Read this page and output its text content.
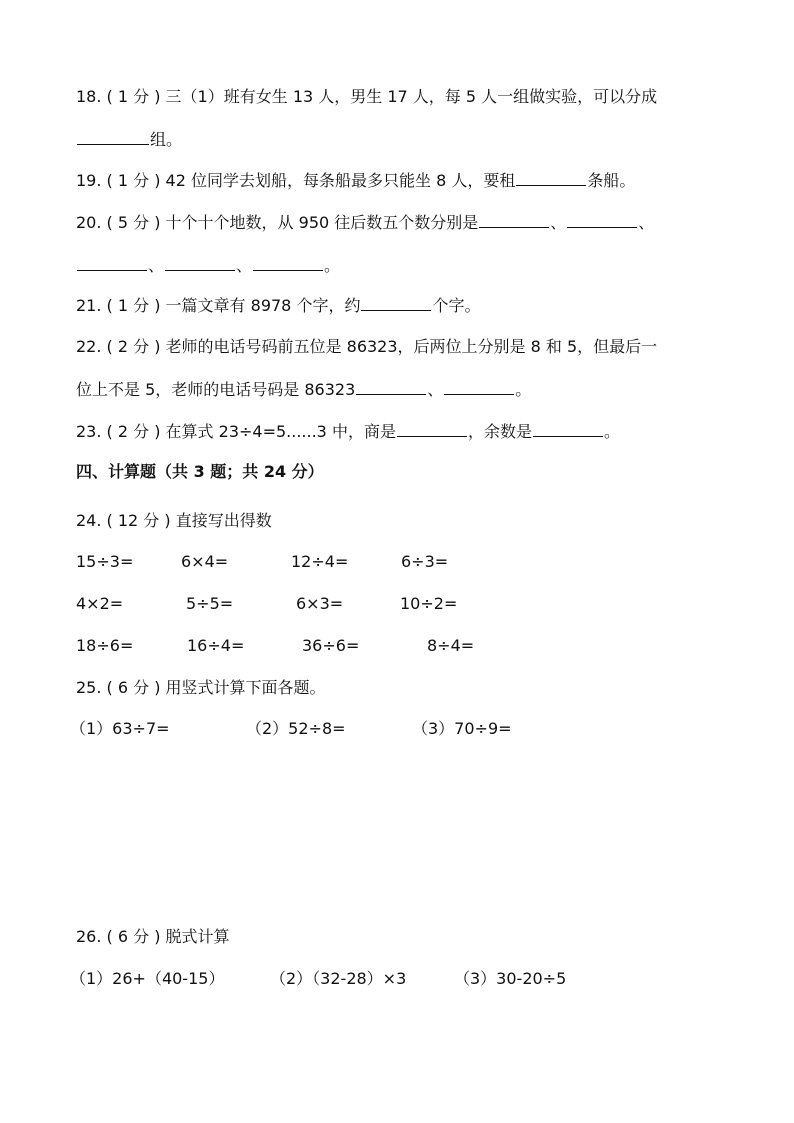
18. ( 1 分 ) 三（1）班有女生 13 人，男生 17 人，每 5 人一组做实验，可以分成
组。
19. ( 1 分 ) 42 位同学去划船，每条船最多只能坐 8 人，要租	条船。
20. ( 5 分 ) 十个十个地数，从 950 往后数五个数分别是	、	、
、	、	。
21. ( 1 分 ) 一篇文章有 8978 个字，约	个字。
22. ( 2 分 ) 老师的电话号码前五位是 86323，后两位上分别是 8 和 5，但最后一
位上不是 5，老师的电话号码是 86323	、	。
23. ( 2 分 ) 在算式 23÷4=5......3 中，商是	，余数是	。
四、计算题（共 3 题；共 24 分）
24. ( 12 分 ) 直接写出得数
15÷3=	6×4=	12÷4=	6÷3=
4×2=	5÷5=	6×3=	10÷2=
18÷6=	16÷4=	36÷6=	8÷4=
25. ( 6 分 ) 用竖式计算下面各题。
（1）63÷7=	（2）52÷8=	（3）70÷9=
26. ( 6 分 ) 脱式计算
（1）26+（40-15）	（2）（32-28）×3	（3）30-20÷5
